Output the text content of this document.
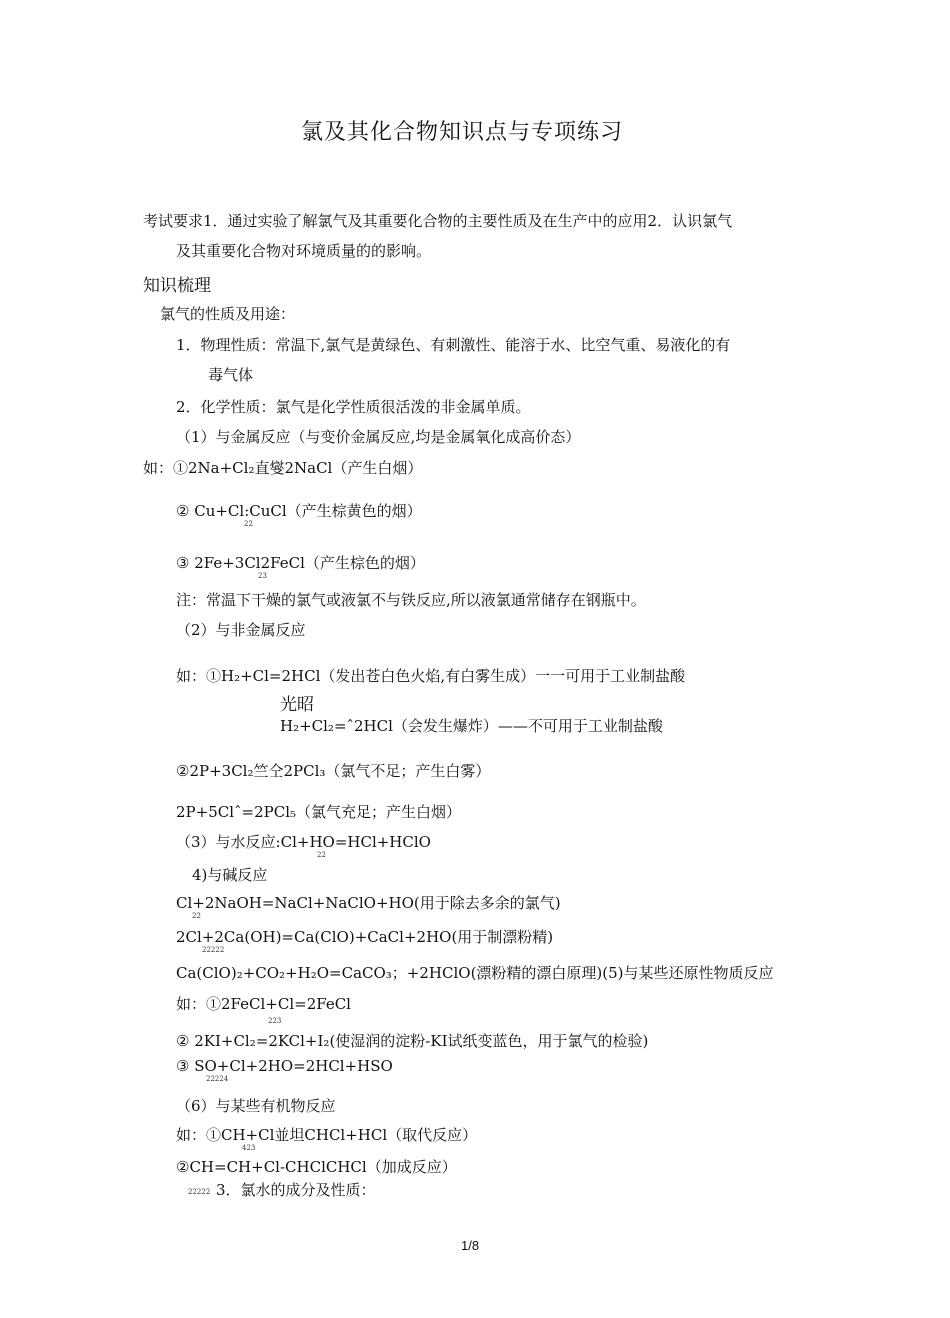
氯及其化合物知识点与专项练习
考试要求1．通过实验了解氯气及其重要化合物的主要性质及在生产中的应用2．认识氯气
及其重要化合物对环境质量的的影响。
知识梳理
氯气的性质及用途：
1．物理性质：常温下,氯气是黄绿色、有刺激性、能溶于水、比空气重、易液化的有
毒气体
2．化学性质：氯气是化学性质很活泼的非金属单质。
（1）与金属反应（与变价金属反应,均是金属氧化成高价态）
如：①2Na+Cl₂直燮2NaCl（产生白烟）
② Cu+Cl:CuCl（产生棕黄色的烟）
22
③ 2Fe+3Cl2FeCl（产生棕色的烟）
23
注：常温下干燥的氯气或液氯不与铁反应,所以液氯通常储存在钢瓶中。
（2）与非金属反应
如：①H₂+Cl=2HCl（发出苍白色火焰,有白雾生成）一一可用于工业制盐酸
光昭
H₂+Cl₂=ˆ2HCl（会发生爆炸）——不可用于工业制盐酸
②2P+3Cl₂竺仝2PCl₃（氯气不足；产生白雾）
2P+5Clˆ=2PCl₅（氯气充足；产生白烟）
（3）与水反应:Cl+HO=HCl+HClO
22
4)与碱反应
Cl+2NaOH=NaCl+NaClO+HO(用于除去多余的氯气)
22
2Cl+2Ca(OH)=Ca(ClO)+CaCl+2HO(用于制漂粉精)
22222
Ca(ClO)₂+CO₂+H₂O=CaCO₃；+2HClO(漂粉精的漂白原理)(5)与某些还原性物质反应
如：①2FeCl+Cl=2FeCl
223
② 2KI+Cl₂=2KCl+I₂(使湿润的淀粉-KI试纸变蓝色，用于氯气的检验)
③ SO+Cl+2HO=2HCl+HSO
22224
（6）与某些有机物反应
如：①CH+Cl並坦CHCl+HCl（取代反应）
423
②CH=CH+Cl-CHClCHCl（加成反应）
22222 3．氯水的成分及性质：
1/8
